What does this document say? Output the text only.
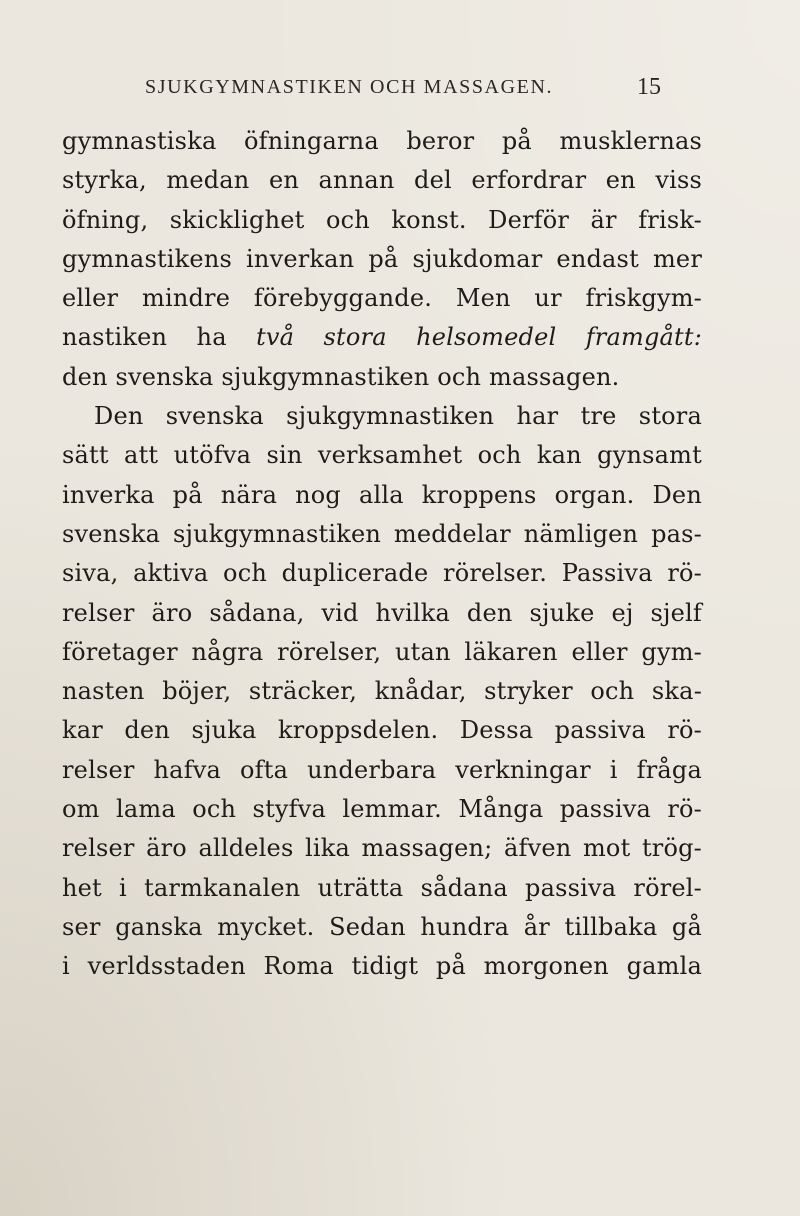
SJUKGYMNASTIKEN OCH MASSAGEN.	15
gymnastiska öfningarna beror på musklernas
styrka, medan en annan del erfordrar en viss
öfning, skicklighet och konst. Derför är frisk-
gymnastikens inverkan på sjukdomar endast mer
eller mindre förebyggande. Men ur friskgym-
nastiken ha två stora helsomedel framgått:
den svenska sjukgymnastiken och massagen.
Den svenska sjukgymnastiken har tre stora
sätt att utöfva sin verksamhet och kan gynsamt
inverka på nära nog alla kroppens organ. Den
svenska sjukgymnastiken meddelar nämligen pas-
siva, aktiva och duplicerade rörelser. Passiva rö-
relser äro sådana, vid hvilka den sjuke ej sjelf
företager några rörelser, utan läkaren eller gym-
nasten böjer, sträcker, knådar, stryker och ska-
kar den sjuka kroppsdelen. Dessa passiva rö-
relser hafva ofta underbara verkningar i fråga
om lama och styfva lemmar. Många passiva rö-
relser äro alldeles lika massagen; äfven mot trög-
het i tarmkanalen uträtta sådana passiva rörel-
ser ganska mycket. Sedan hundra år tillbaka gå
i verldsstaden Roma tidigt på morgonen gamla
